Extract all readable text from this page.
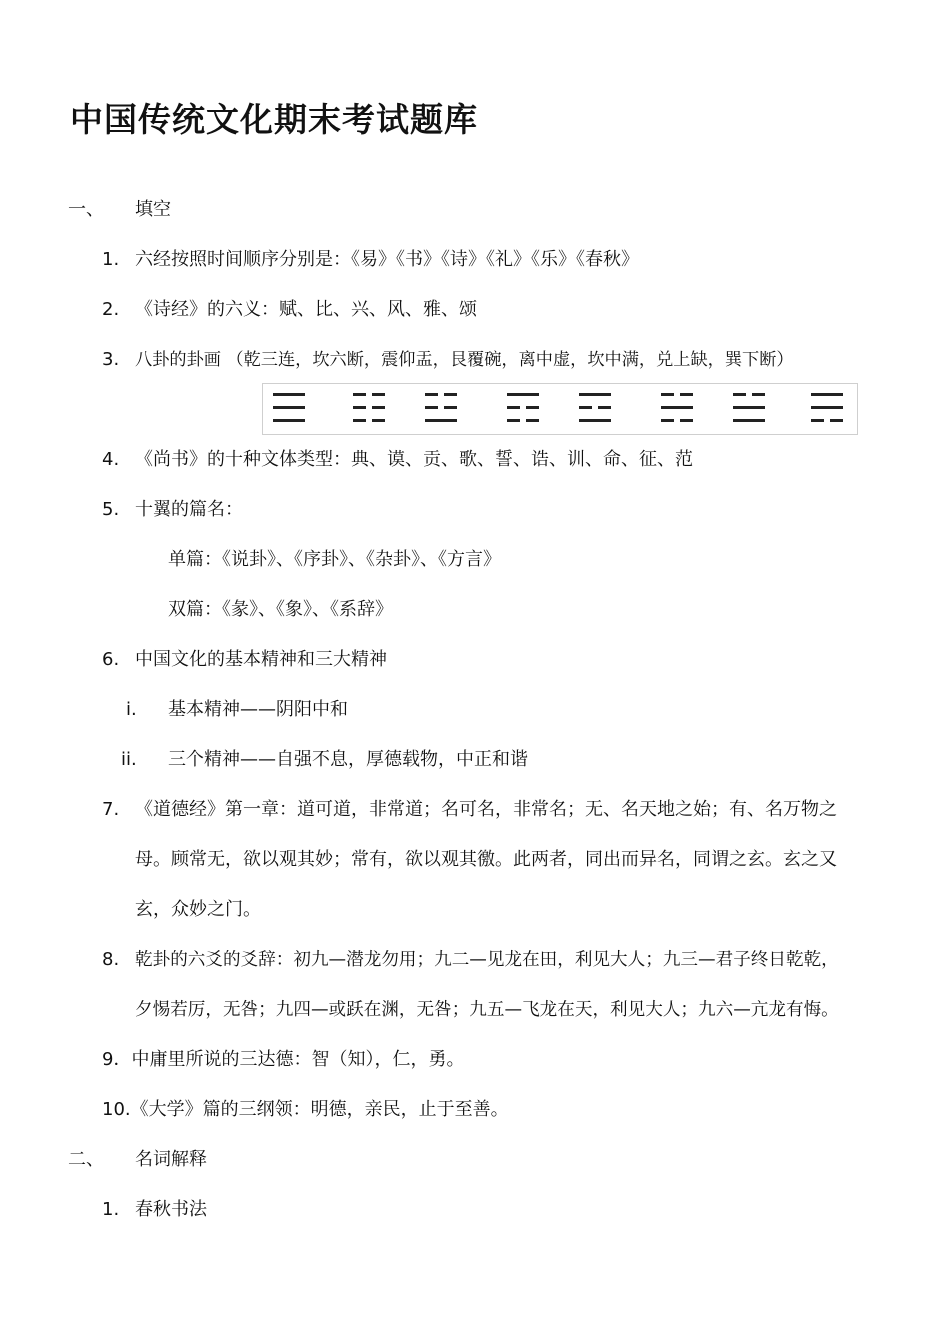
中国传统文化期末考试题库
一、 填空
1. 六经按照时间顺序分别是：《易》《书》《诗》《礼》《乐》《春秋》
2. 《诗经》的六义：赋、比、兴、风、雅、颂
3. 八卦的卦画 （乾三连，坎六断，震仰盂，艮覆碗，离中虚，坎中满，兑上缺，巽下断）
4. 《尚书》的十种文体类型：典、谟、贡、歌、誓、诰、训、命、征、范
5. 十翼的篇名：
单篇：《说卦》、《序卦》、《杂卦》、《方言》
双篇：《彖》、《象》、《系辞》
6. 中国文化的基本精神和三大精神
i. 基本精神——阴阳中和
ii. 三个精神——自强不息，厚德载物，中正和谐
7. 《道德经》第一章：道可道，非常道；名可名，非常名；无、名天地之始；有、名万物之
母。顾常无，欲以观其妙；常有，欲以观其徼。此两者，同出而异名，同谓之玄。玄之又
玄，众妙之门。
8. 乾卦的六爻的爻辞：初九—潜龙勿用；九二—见龙在田，利见大人；九三—君子终日乾乾，
夕惕若厉，无咎；九四—或跃在渊，无咎；九五—飞龙在天，利见大人；九六—亢龙有悔。
9．中庸里所说的三达德：智（知），仁，勇。
10.《大学》篇的三纲领：明德，亲民，止于至善。
二、 名词解释
1. 春秋书法
